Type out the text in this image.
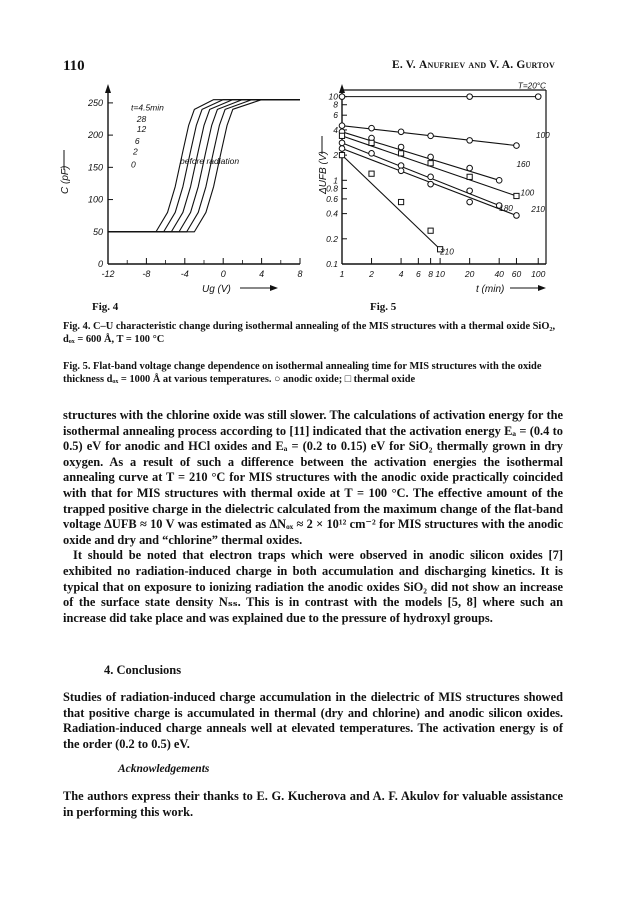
110	E. V. Anufriev and V. A. Gurtov
250
200
150
100
50
0
-12	-8	-4	0	4	8
t=4.5min
28
12
6
2
0	before radiation
C (pF)
Ug (V)
10
8
6
4
2
1
0.8
0.6
0.4
0.2
0.1
1	2	4 6 8 10 20 40 60 100
T=20°C
100
160
100
180 210
210
ΔUFB (V)
t (min)
Fig. 4	Fig. 5
Fig. 4. C–U characteristic change during isothermal annealing of the MIS structures with a thermal oxide SiO₂, dₒₓ = 600 Å, T = 100 °C
Fig. 5. Flat-band voltage change dependence on isothermal annealing time for MIS structures with the oxide thickness dₒₓ = 1000 Å at various temperatures. ○ anodic oxide; □ thermal oxide

structures with the chlorine oxide was still slower. The calculations of activation energy for the isothermal annealing process according to [11] indicated that the activation energy Eₐ = (0.4 to 0.5) eV for anodic and HCl oxides and Eₐ = (0.2 to 0.15) eV for SiO₂ thermally grown in dry oxygen. As a result of such a difference between the activation energies the isothermal annealing curve at T = 210 °C for MIS structures with the anodic oxide practically coincided with that for MIS structures with thermal oxide at T = 100 °C. The effective amount of the trapped positive charge in the dielectric calculated from the maximum change of the flat-band voltage ΔUFB ≈ 10 V was estimated as ΔNₒₓ ≈ 2 × 10¹² cm⁻² for MIS structures with the anodic oxide and dry and “chlorine” thermal oxides.

It should be noted that electron traps which were observed in anodic silicon oxides [7] exhibited no radiation-induced charge in both accumulation and discharging kinetics. It is typical that on exposure to ionizing radiation the anodic oxides SiO₂ did not show an increase of the surface state density Nₛₛ. This is in contrast with the models [5, 8] where such an increase did take place and was explained due to the pressure of hydroxyl groups.

4. Conclusions
Studies of radiation-induced charge accumulation in the dielectric of MIS structures showed that positive charge is accumulated in thermal (dry and chlorine) and anodic silicon oxides. Radiation-induced charge anneals well at elevated temperatures. The activation energy is of the order (0.2 to 0.5) eV.
Acknowledgements
The authors express their thanks to E. G. Kucherova and A. F. Akulov for valuable assistance in performing this work.
